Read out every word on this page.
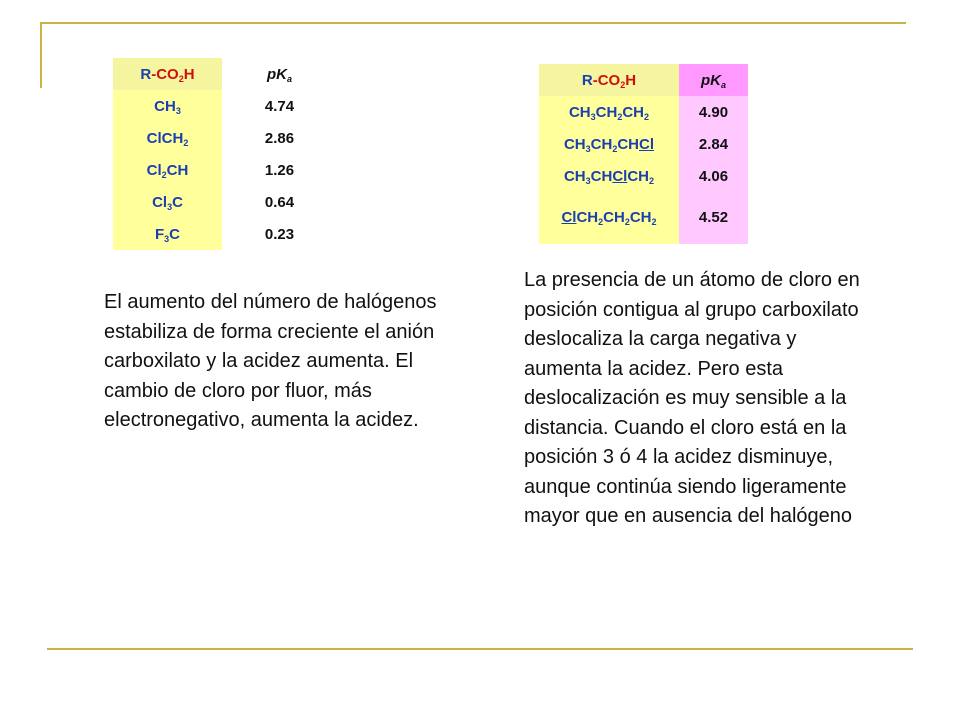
$R-CO_2H$	$pK_a$
$CH_3$	4.74
ClCH$_2$	2.86
$Cl_2CH$	1.26
$Cl_3C$	0.64
$F_3C$	0.23
$R-CO_2H$	$pK_a$
$CH_3CH_2CH_2$	4.90
$CH_3CH_2CHCl$	2.84
$CH_3CHClCH_2$	4.06
$ClCH_2CH_2CH_2$	4.52

El aumento del número de halógenos estabiliza de forma creciente el anión carboxilato y la acidez aumenta. El cambio de cloro por fluor, más electronegativo, aumenta la acidez.

La presencia de un átomo de cloro en posición contigua al grupo carboxilato deslocaliza la carga negativa y aumenta la acidez. Pero esta deslocalización es muy sensible a la distancia. Cuando el cloro está en la posición 3 ó 4 la acidez disminuye, aunque continúa siendo ligeramente mayor que en ausencia del halógeno
